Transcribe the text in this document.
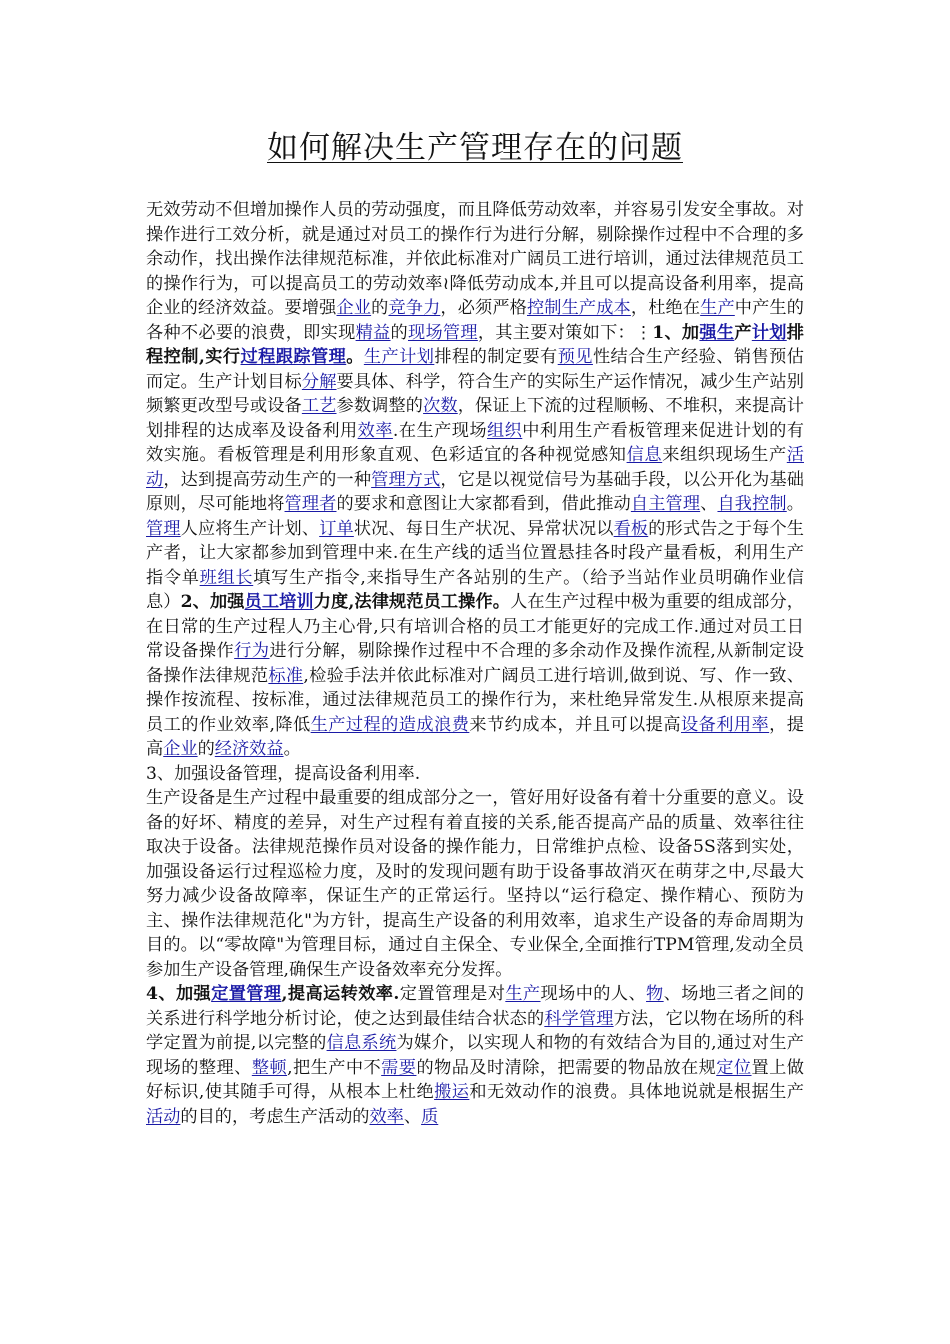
如何解决生产管理存在的问题

无效劳动不但增加操作人员的劳动强度，而且降低劳动效率，并容易引发安全事故。对操作进行工效分析，就是通过对员工的操作行为进行分解，剔除操作过程中不合理的多余动作，找出操作法律规范标准，并依此标准对广阔员工进行培训，通过法律规范员工的操作行为，可以提高员工的劳动效率≀降低劳动成本,并且可以提高设备利用率，提高企业的经济效益。要增强企业的竞争力，必须严格控制生产成本，杜绝在生产中产生的各种不必要的浪费，即实现精益的现场管理，其主要对策如下：⋮1、加强生产计划排程控制,实行过程跟踪管理。生产计划排程的制定要有预见性结合生产经验、销售预估而定。生产计划目标分解要具体、科学，符合生产的实际生产运作情况，减少生产站别频繁更改型号或设备工艺参数调整的次数，保证上下流的过程顺畅、不堆积，来提高计划排程的达成率及设备利用效率.在生产现场组织中利用生产看板管理来促进计划的有效实施。看板管理是利用形象直观、色彩适宜的各种视觉感知信息来组织现场生产活动，达到提高劳动生产的一种管理方式，它是以视觉信号为基础手段，以公开化为基础原则，尽可能地将管理者的要求和意图让大家都看到，借此推动自主管理、自我控制。管理人应将生产计划、订单状况、每日生产状况、异常状况以看板的形式告之于每个生产者，让大家都参加到管理中来.在生产线的适当位置悬挂各时段产量看板，利用生产指令单班组长填写生产指令,来指导生产各站别的生产。（给予当站作业员明确作业信息）2、加强员工培训力度,法律规范员工操作。人在生产过程中极为重要的组成部分，在日常的生产过程人乃主心骨,只有培训合格的员工才能更好的完成工作.通过对员工日常设备操作行为进行分解，剔除操作过程中不合理的多余动作及操作流程,从新制定设备操作法律规范标准,检验手法并依此标准对广阔员工进行培训,做到说、写、作一致、操作按流程、按标准，通过法律规范员工的操作行为，来杜绝异常发生.从根原来提高员工的作业效率,降低生产过程的造成浪费来节约成本，并且可以提高设备利用率，提高企业的经济效益。

3、加强设备管理，提高设备利用率.

生产设备是生产过程中最重要的组成部分之一，管好用好设备有着十分重要的意义。设备的好坏、精度的差异，对生产过程有着直接的关系,能否提高产品的质量、效率往往取决于设备。法律规范操作员对设备的操作能力，日常维护点检、设备5S落到实处，加强设备运行过程巡检力度，及时的发现问题有助于设备事故消灭在萌芽之中,尽最大努力减少设备故障率，保证生产的正常运行。坚持以“运行稳定、操作精心、预防为主、操作法律规范化"为方针，提高生产设备的利用效率，追求生产设备的寿命周期为目的。以“零故障"为管理目标，通过自主保全、专业保全,全面推行TPM管理,发动全员参加生产设备管理,确保生产设备效率充分发挥。

4、加强定置管理,提高运转效率.定置管理是对生产现场中的人、物、场地三者之间的关系进行科学地分析讨论，使之达到最佳结合状态的科学管理方法，它以物在场所的科学定置为前提,以完整的信息系统为媒介，以实现人和物的有效结合为目的,通过对生产现场的整理、整顿,把生产中不需要的物品及时清除，把需要的物品放在规定位置上做好标识,使其随手可得，从根本上杜绝搬运和无效动作的浪费。具体地说就是根据生产活动的目的，考虑生产活动的效率、质
